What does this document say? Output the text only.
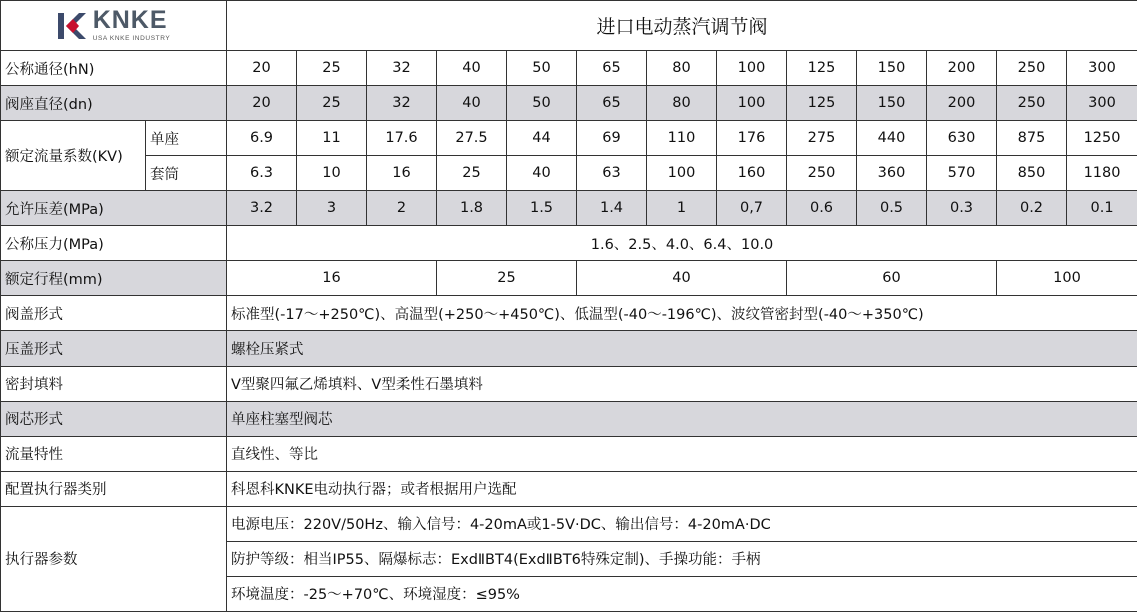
KNKE
USA KNKE INDUSTRY		进口电动蒸汽调节阀												
公称通径(hN)		20	25	32	40	50	65	80	100	125	150	200	250	300
阀座直径(dn)		20	25	32	40	50	65	80	100	125	150	200	250	300
额定流量系数(KV)	单座	6.9	11	17.6	27.5	44	69	110	176	275	440	630	875	1250
	套筒	6.3	10	16	25	40	63	100	160	250	360	570	850	1180
允许压差(MPa)		3.2	3	2	1.8	1.5	1.4	1	0,7	0.6	0.5	0.3	0.2	0.1
公称压力(MPa)		1.6、2.5、4.0、6.4、10.0												
额定行程(mm)		16			25		40			60			100	
阀盖形式		标准型(-17～+250℃)、高温型(+250～+450℃)、低温型(-40～-196℃)、波纹管密封型(-40～+350℃)												
压盖形式		螺栓压紧式												
密封填料		V型聚四氟乙烯填料、V型柔性石墨填料												
阀芯形式		单座柱塞型阀芯												
流量特性		直线性、等比												
配置执行器类别		科恩科KNKE电动执行器；或者根据用户选配												
执行器参数		电源电压：220V/50Hz、输入信号：4-20mA或1-5V·DC、输出信号：4-20mA·DC												
		防护等级：相当IP55、隔爆标志：ExdⅡBT4(ExdⅡBT6特殊定制)、手操功能：手柄												
		环境温度：-25～+70℃、环境湿度：≤95%												
